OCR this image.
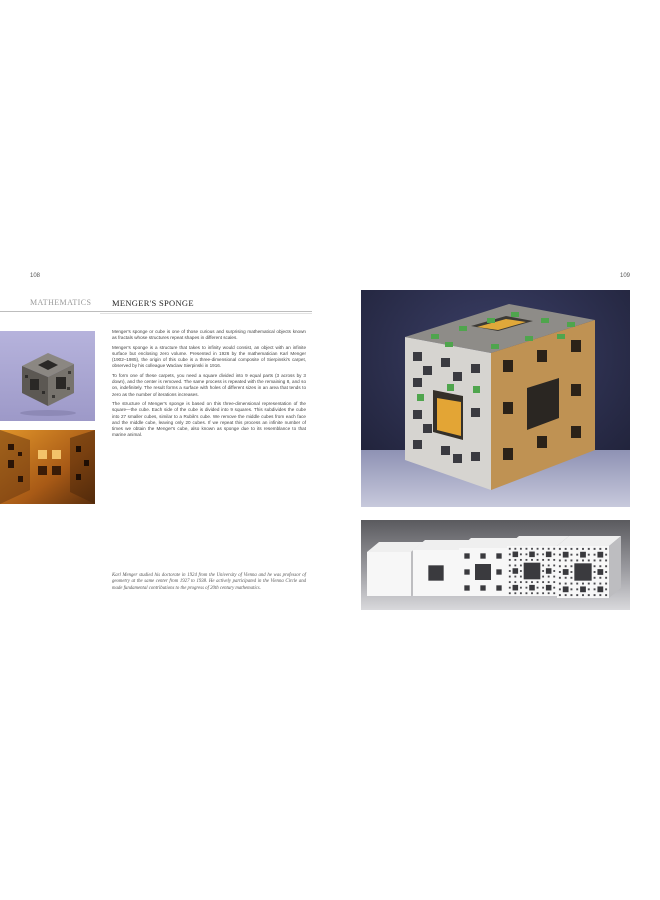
108	109
MATHEMATICS MENGER'S SPONGE

Menger's sponge or cube is one of those curious and surprising mathematical objects known as fractals whose structures repeat shapes in different scales.

Menger's sponge is a structure that takes to infinity would consist, an object with an infinite surface but enclosing zero volume. Presented in 1926 by the mathematician Karl Menger (1902–1985), the origin of this cube is a three-dimensional composite of Sierpinski's carpet, observed by his colleague Waclaw Sierpinski in 1916.

To form one of these carpets, you need a square divided into 9 equal parts (3 across by 3 down), and the center is removed. The same process is repeated with the remaining 8, and so on, indefinitely. The result forms a surface with holes of different sizes in an area that tends to zero as the number of iterations increases.

The structure of Menger's sponge is based on this three-dimensional representation of the square—the cube. Each side of the cube is divided into 9 squares. This subdivides the cube into 27 smaller cubes, similar to a Rubik's cube. We remove the middle cubes from each face and the middle cube, leaving only 20 cubes. If we repeat this process an infinite number of times we obtain the Menger's cube, also known as sponge due to its resemblance to that marine animal.

Karl Menger studied his doctorate in 1924 from the University of Vienna and he was professor of geometry at the same center from 1927 to 1938. He actively participated in the Vienna Circle and made fundamental contributions to the progress of 20th century mathematics.
